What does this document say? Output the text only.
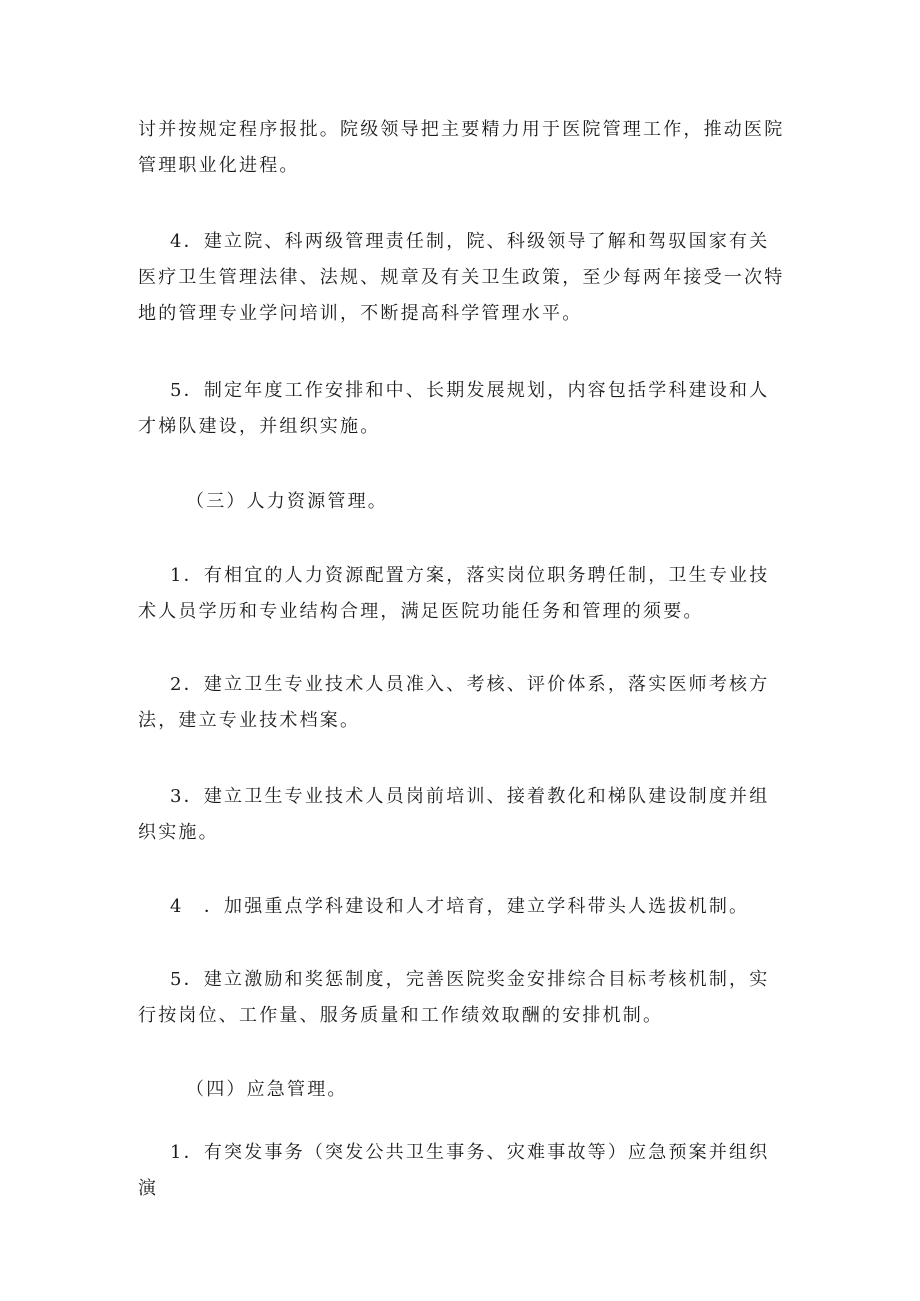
讨并按规定程序报批。院级领导把主要精力用于医院管理工作，推动医院管理职业化进程。

4．建立院、科两级管理责任制，院、科级领导了解和驾驭国家有关医疗卫生管理法律、法规、规章及有关卫生政策，至少每两年接受一次特地的管理专业学问培训，不断提高科学管理水平。

5．制定年度工作安排和中、长期发展规划，内容包括学科建设和人才梯队建设，并组织实施。

（三）人力资源管理。

1．有相宜的人力资源配置方案，落实岗位职务聘任制，卫生专业技术人员学历和专业结构合理，满足医院功能任务和管理的须要。

2．建立卫生专业技术人员准入、考核、评价体系，落实医师考核方法，建立专业技术档案。

3．建立卫生专业技术人员岗前培训、接着教化和梯队建设制度并组织实施。

4　．加强重点学科建设和人才培育，建立学科带头人选拔机制。

5．建立激励和奖惩制度，完善医院奖金安排综合目标考核机制，实行按岗位、工作量、服务质量和工作绩效取酬的安排机制。

（四）应急管理。

1．有突发事务（突发公共卫生事务、灾难事故等）应急预案并组织演
